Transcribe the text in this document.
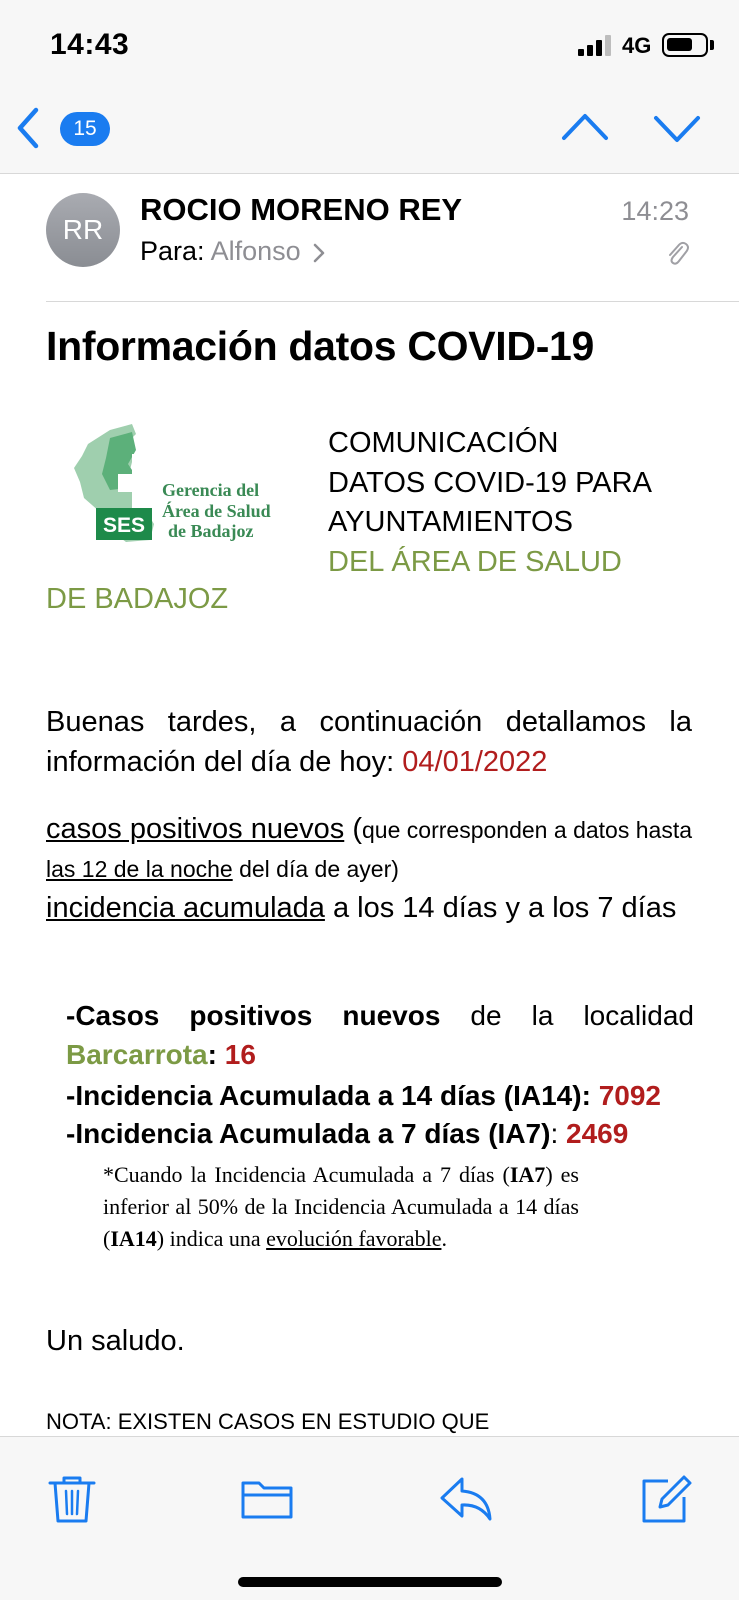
14:43	4G
15
RR
ROCIO MORENO REY
Para: Alfonso
14:23
Información datos COVID-19
SES
Gerencia del
Área de Salud
de Badajoz
COMUNICACIÓN
DATOS COVID-19 PARA
AYUNTAMIENTOS
DEL ÁREA DE SALUD
DE BADAJOZ
Buenas tardes, a continuación detallamos la información del día de hoy: 04/01/2022
casos positivos nuevos (que corresponden a datos hasta las 12 de la noche del día de ayer)
incidencia acumulada a los 14 días y a los 7 días
-Casos positivos nuevos de la localidad Barcarrota: 16
-Incidencia Acumulada a 14 días (IA14): 7092
-Incidencia Acumulada a 7 días (IA7): 2469
*Cuando la Incidencia Acumulada a 7 días (IA7) es inferior al 50% de la Incidencia Acumulada a 14 días (IA14) indica una evolución favorable.
Un saludo.
NOTA: EXISTEN CASOS EN ESTUDIO QUE
